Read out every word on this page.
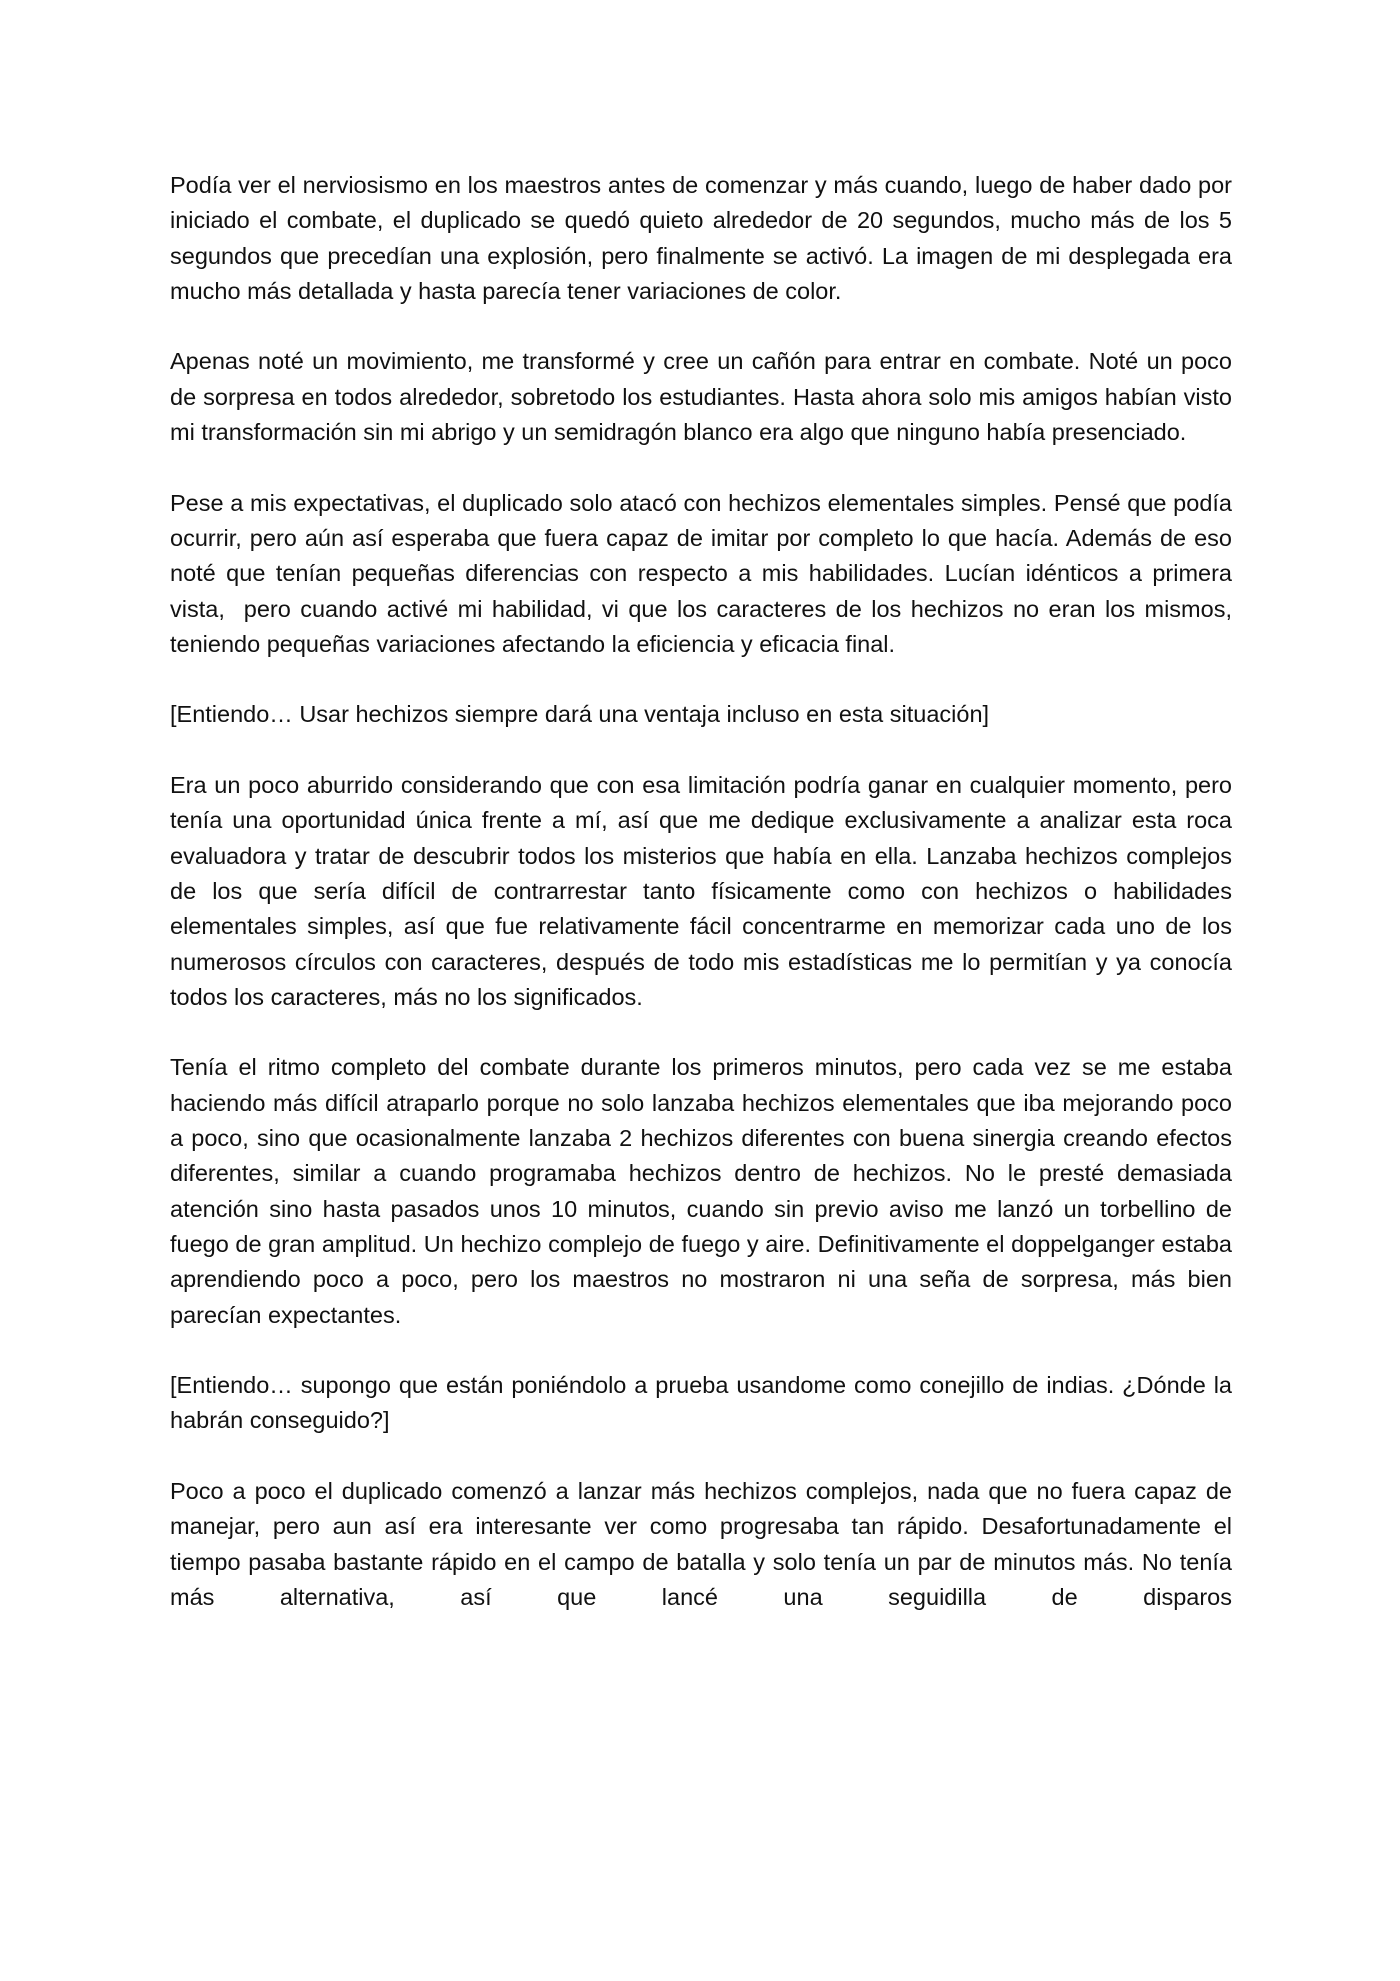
Podía ver el nerviosismo en los maestros antes de comenzar y más cuando, luego de haber dado por iniciado el combate, el duplicado se quedó quieto alrededor de 20 segundos, mucho más de los 5 segundos que precedían una explosión, pero finalmente se activó. La imagen de mi desplegada era mucho más detallada y hasta parecía tener variaciones de color.

Apenas noté un movimiento, me transformé y cree un cañón para entrar en combate. Noté un poco de sorpresa en todos alrededor, sobretodo los estudiantes. Hasta ahora solo mis amigos habían visto mi transformación sin mi abrigo y un semidragón blanco era algo que ninguno había presenciado.

Pese a mis expectativas, el duplicado solo atacó con hechizos elementales simples. Pensé que podía ocurrir, pero aún así esperaba que fuera capaz de imitar por completo lo que hacía. Además de eso noté que tenían pequeñas diferencias con respecto a mis habilidades. Lucían idénticos a primera vista,  pero cuando activé mi habilidad, vi que los caracteres de los hechizos no eran los mismos, teniendo pequeñas variaciones afectando la eficiencia y eficacia final.

[Entiendo… Usar hechizos siempre dará una ventaja incluso en esta situación]

Era un poco aburrido considerando que con esa limitación podría ganar en cualquier momento, pero tenía una oportunidad única frente a mí, así que me dedique exclusivamente a analizar esta roca evaluadora y tratar de descubrir todos los misterios que había en ella. Lanzaba hechizos complejos de los que sería difícil de contrarrestar tanto físicamente como con hechizos o habilidades elementales simples, así que fue relativamente fácil concentrarme en memorizar cada uno de los numerosos círculos con caracteres, después de todo mis estadísticas me lo permitían y ya conocía todos los caracteres, más no los significados.

Tenía el ritmo completo del combate durante los primeros minutos, pero cada vez se me estaba haciendo más difícil atraparlo porque no solo lanzaba hechizos elementales que iba mejorando poco a poco, sino que ocasionalmente lanzaba 2 hechizos diferentes con buena sinergia creando efectos diferentes, similar a cuando programaba hechizos dentro de hechizos. No le presté demasiada atención sino hasta pasados unos 10 minutos, cuando sin previo aviso me lanzó un torbellino de fuego de gran amplitud. Un hechizo complejo de fuego y aire. Definitivamente el doppelganger estaba aprendiendo poco a poco, pero los maestros no mostraron ni una seña de sorpresa, más bien parecían expectantes.

[Entiendo… supongo que están poniéndolo a prueba usandome como conejillo de indias. ¿Dónde la habrán conseguido?]

Poco a poco el duplicado comenzó a lanzar más hechizos complejos, nada que no fuera capaz de manejar, pero aun así era interesante ver como progresaba tan rápido. Desafortunadamente el tiempo pasaba bastante rápido en el campo de batalla y solo tenía un par de minutos más. No tenía más alternativa, así que lancé una seguidilla de disparos
